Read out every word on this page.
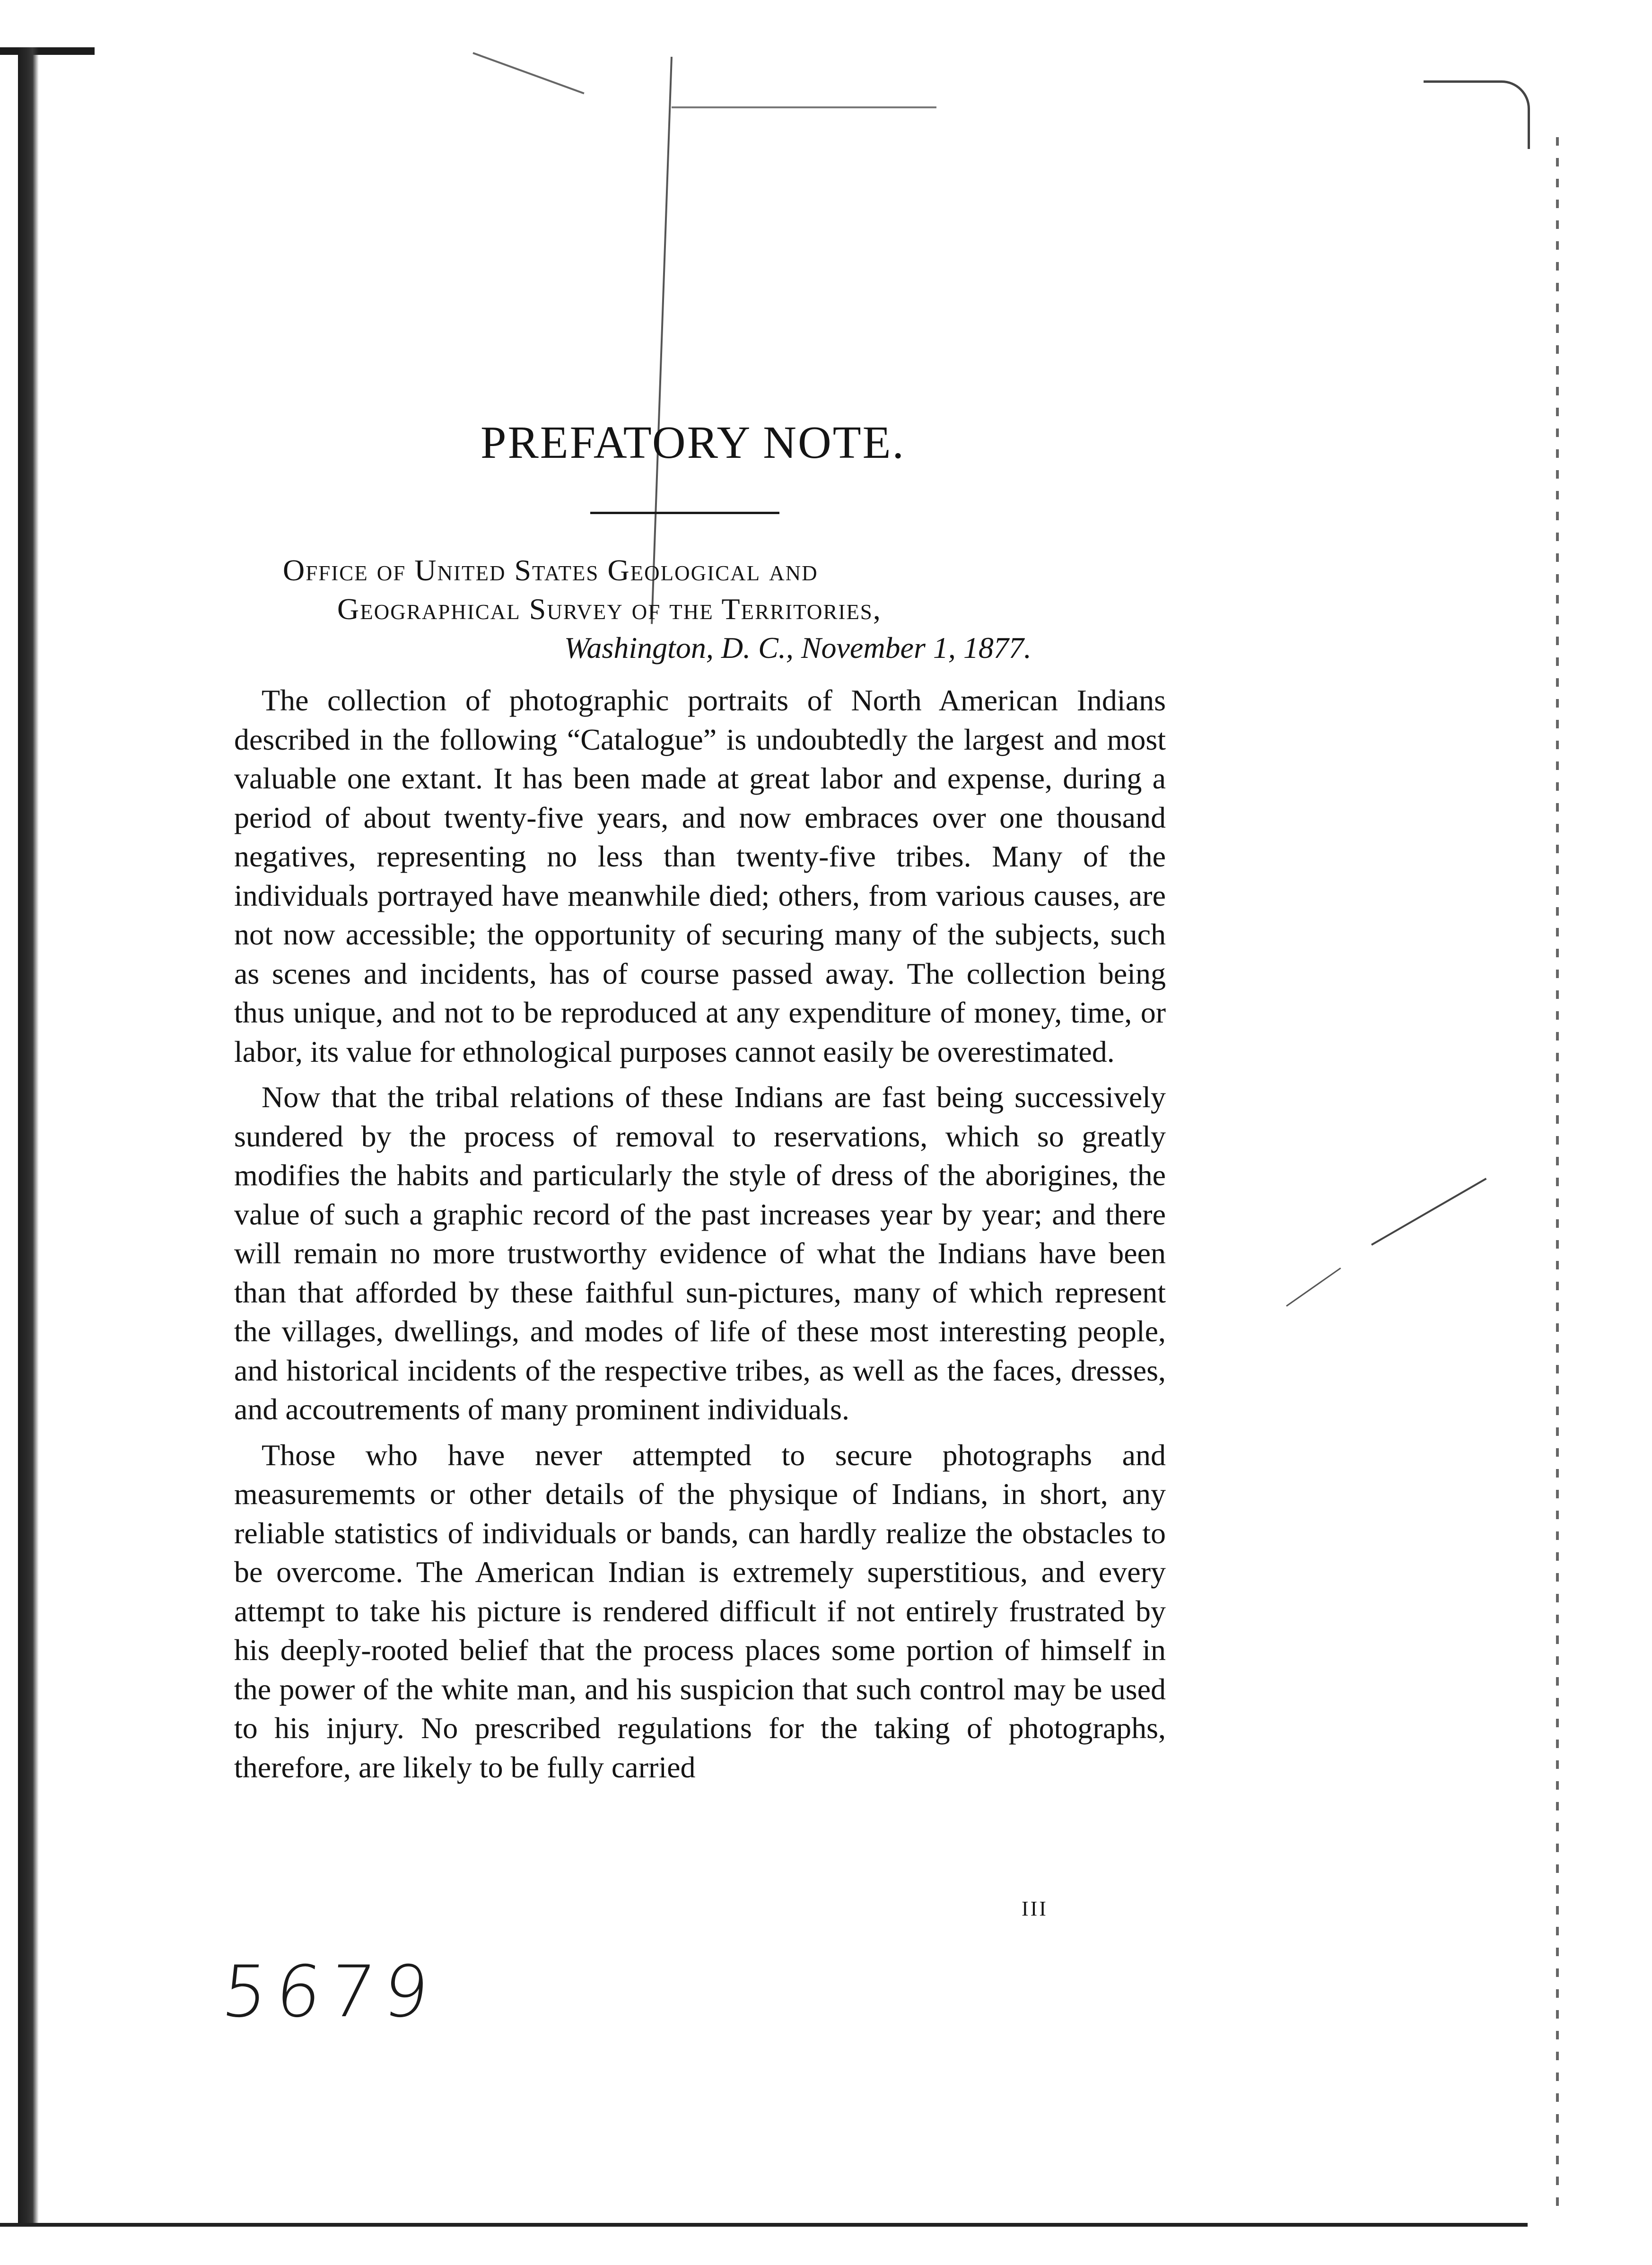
PREFATORY NOTE.
Office of United States Geological and
Geographical Survey of the Territories,
Washington, D. C., November 1, 1877.

The collection of photographic portraits of North American Indians described in the following “Catalogue” is undoubtedly the largest and most valuable one extant. It has been made at great labor and expense, during a period of about twenty-five years, and now embraces over one thousand negatives, representing no less than twenty-five tribes. Many of the individuals portrayed have meanwhile died; others, from various causes, are not now accessible; the opportunity of securing many of the subjects, such as scenes and incidents, has of course passed away. The collection being thus unique, and not to be reproduced at any expenditure of money, time, or labor, its value for ethnological purposes cannot easily be overestimated.

Now that the tribal relations of these Indians are fast being successively sundered by the process of removal to reservations, which so greatly modifies the habits and particularly the style of dress of the aborigines, the value of such a graphic record of the past increases year by year; and there will remain no more trustworthy evidence of what the Indians have been than that afforded by these faithful sun-pictures, many of which represent the villages, dwellings, and modes of life of these most interesting people, and historical incidents of the respective tribes, as well as the faces, dresses, and accoutrements of many prominent individuals.

Those who have never attempted to secure photographs and measurememts or other details of the physique of Indians, in short, any reliable statistics of individuals or bands, can hardly realize the obstacles to be overcome. The American Indian is extremely superstitious, and every attempt to take his picture is rendered difficult if not entirely frustrated by his deeply-rooted belief that the process places some portion of himself in the power of the white man, and his suspicion that such control may be used to his injury. No prescribed regulations for the taking of photographs, therefore, are likely to be fully carried

III
5679
